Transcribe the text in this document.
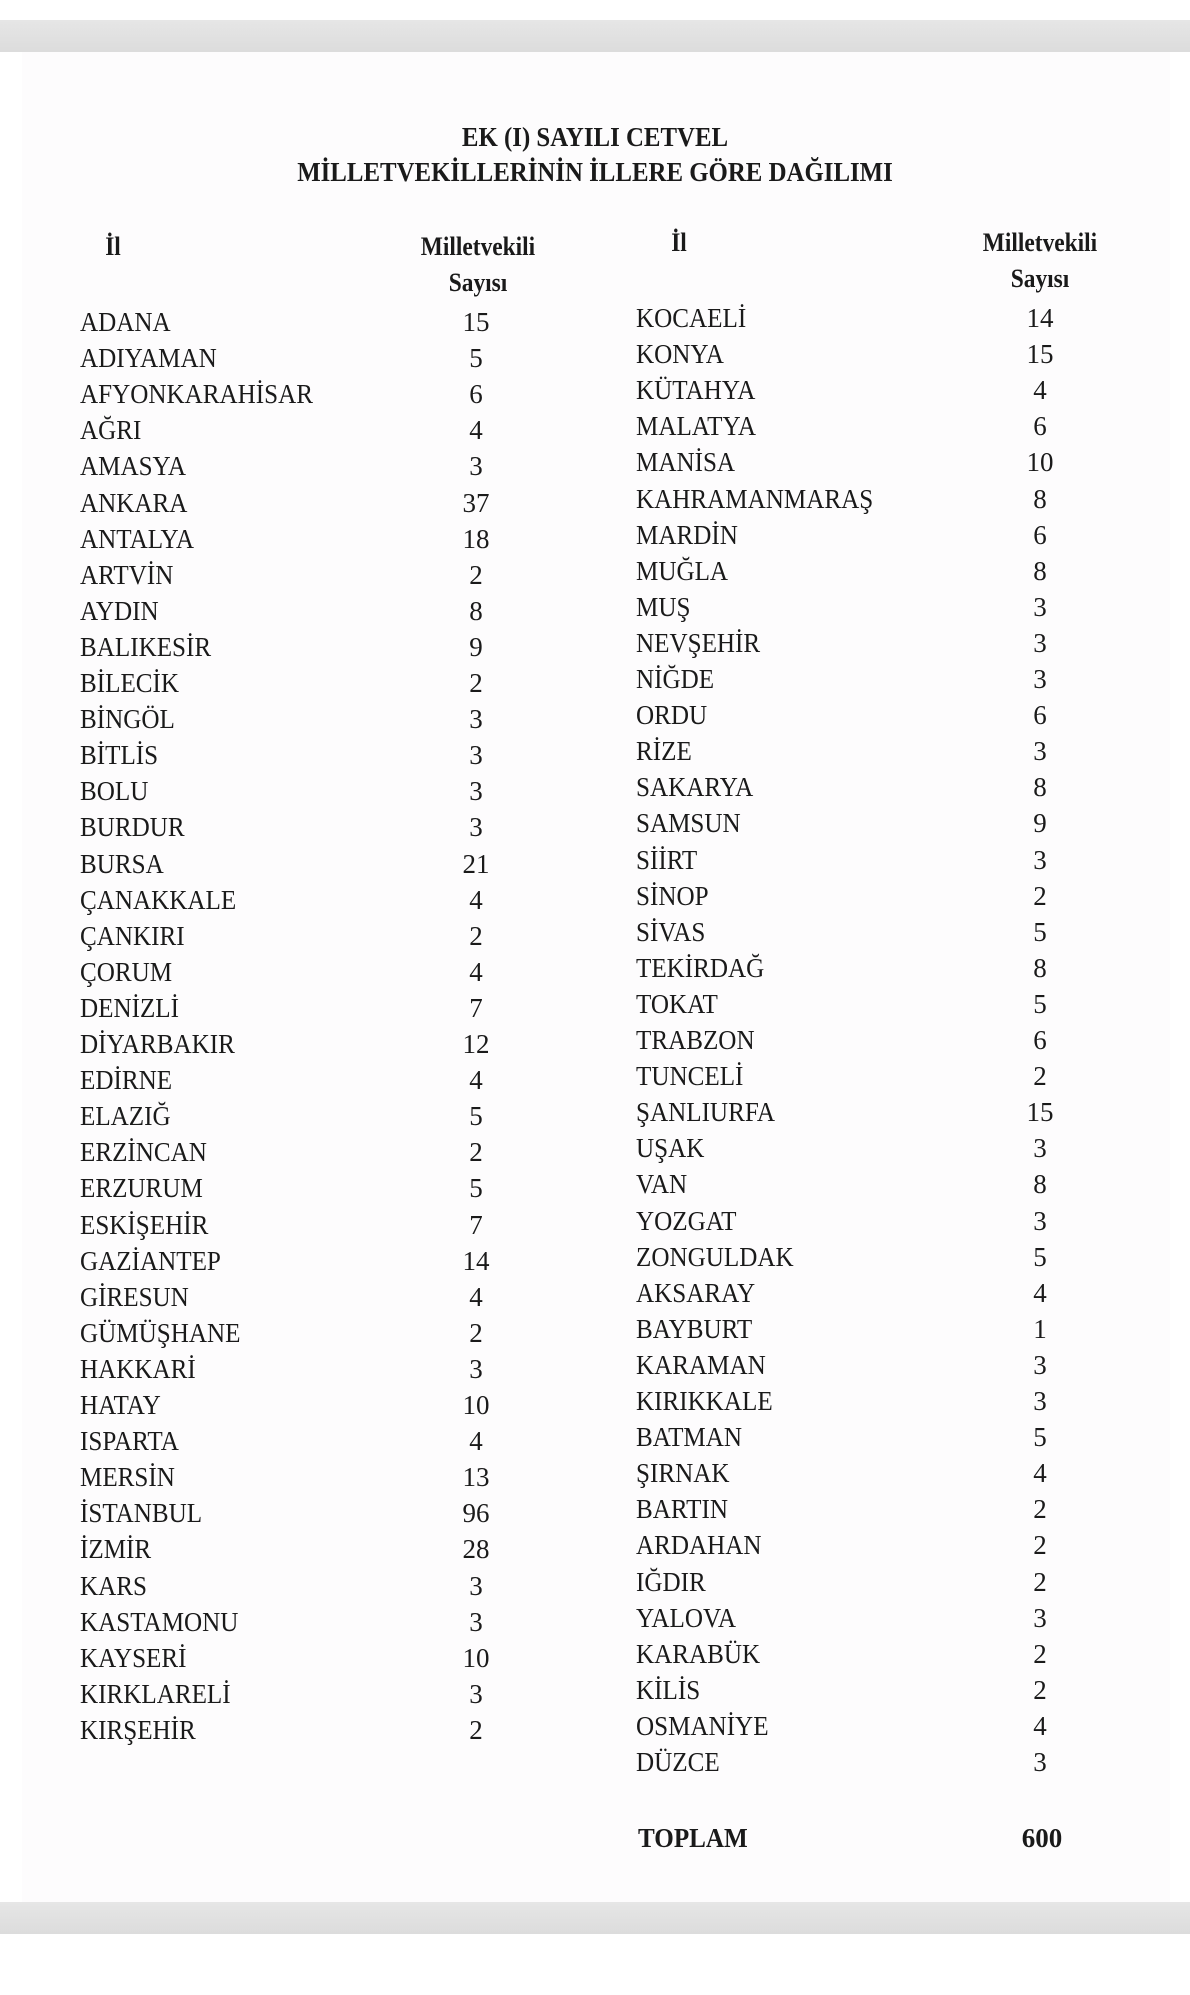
EK (I) SAYILI CETVEL
MİLLETVEKİLLERİNİN İLLERE GÖRE DAĞILIMI
İl	Milletvekili
Sayısı
İl	Milletvekili
Sayısı
ADANA	15
ADIYAMAN	5
AFYONKARAHİSAR	6
AĞRI	4
AMASYA	3
ANKARA	37
ANTALYA	18
ARTVİN	2
AYDIN	8
BALIKESİR	9
BİLECİK	2
BİNGÖL	3
BİTLİS	3
BOLU	3
BURDUR	3
BURSA	21
ÇANAKKALE	4
ÇANKIRI	2
ÇORUM	4
DENİZLİ	7
DİYARBAKIR	12
EDİRNE	4
ELAZIĞ	5
ERZİNCAN	2
ERZURUM	5
ESKİŞEHİR	7
GAZİANTEP	14
GİRESUN	4
GÜMÜŞHANE	2
HAKKARİ	3
HATAY	10
ISPARTA	4
MERSİN	13
İSTANBUL	96
İZMİR	28
KARS	3
KASTAMONU	3
KAYSERİ	10
KIRKLARELİ	3
KIRŞEHİR	2
KOCAELİ	14
KONYA	15
KÜTAHYA	4
MALATYA	6
MANİSA	10
KAHRAMANMARAŞ	8
MARDİN	6
MUĞLA	8
MUŞ	3
NEVŞEHİR	3
NİĞDE	3
ORDU	6
RİZE	3
SAKARYA	8
SAMSUN	9
SİİRT	3
SİNOP	2
SİVAS	5
TEKİRDAĞ	8
TOKAT	5
TRABZON	6
TUNCELİ	2
ŞANLIURFA	15
UŞAK	3
VAN	8
YOZGAT	3
ZONGULDAK	5
AKSARAY	4
BAYBURT	1
KARAMAN	3
KIRIKKALE	3
BATMAN	5
ŞIRNAK	4
BARTIN	2
ARDAHAN	2
IĞDIR	2
YALOVA	3
KARABÜK	2
KİLİS	2
OSMANİYE	4
DÜZCE	3
TOPLAM	600
